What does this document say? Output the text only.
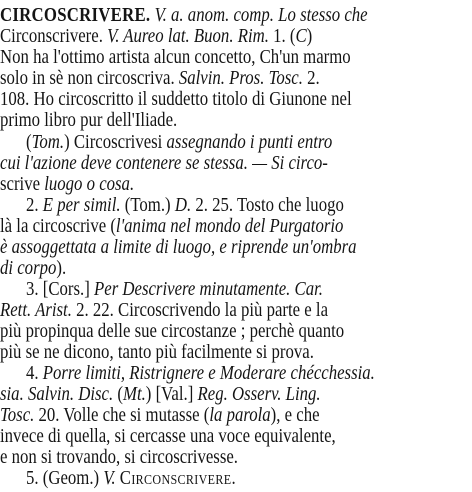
CIRCOSCRIVERE. V. a. anom. comp. Lo stesso che
Circonscrivere. V. Aureo lat. Buon. Rim. 1. (C)
Non ha l'ottimo artista alcun concetto, Ch'un marmo
solo in sè non circoscriva. Salvin. Pros. Tosc. 2.
108. Ho circoscritto il suddetto titolo di Giunone nel
primo libro pur dell'Iliade.
(Tom.) Circoscrivesi assegnando i punti entro
cui l'azione deve contenere se stessa. — Si circo-
scrive luogo o cosa.
2. E per simil. (Tom.) D. 2. 25. Tosto che luogo
là la circoscrive (l'anima nel mondo del Purgatorio
è assoggettata a limite di luogo, e riprende un'ombra
di corpo).
3. [Cors.] Per Descrivere minutamente. Car.
Rett. Arist. 2. 22. Circoscrivendo la più parte e la
più propinqua delle sue circostanze ; perchè quanto
più se ne dicono, tanto più facilmente si prova.
4. Porre limiti, Ristrignere e Moderare chécchessia.
sia. Salvin. Disc. (Mt.) [Val.] Reg. Osserv. Ling.
Tosc. 20. Volle che si mutasse (la parola), e che
invece di quella, si cercasse una voce equivalente,
e non si trovando, si circoscrivesse.
5. (Geom.) V. Circonscrivere.
